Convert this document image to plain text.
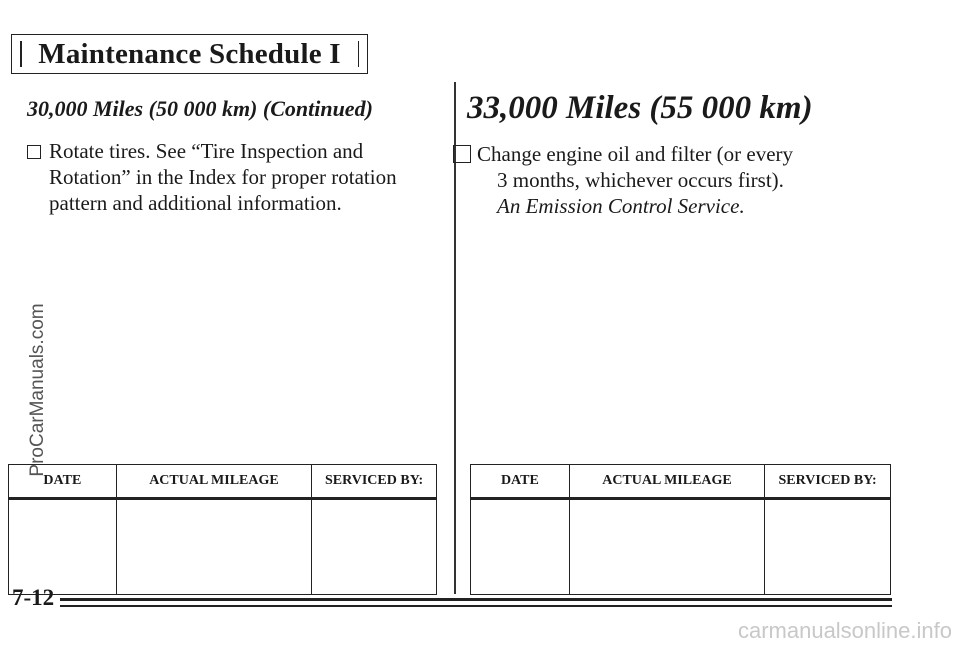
Maintenance Schedule I
30,000 Miles (50 000 km) (Continued)
Rotate tires. See “Tire Inspection and
Rotation” in the Index for proper rotation
pattern and additional information.
33,000 Miles (55 000 km)
Change engine oil and filter (or every
3 months, whichever occurs first).
An Emission Control Service.
ProCarManuals.com
DATE	ACTUAL MILEAGE	SERVICED BY:
			DATE	ACTUAL MILEAGE	SERVICED BY:

7-12
carmanualsonline.info
